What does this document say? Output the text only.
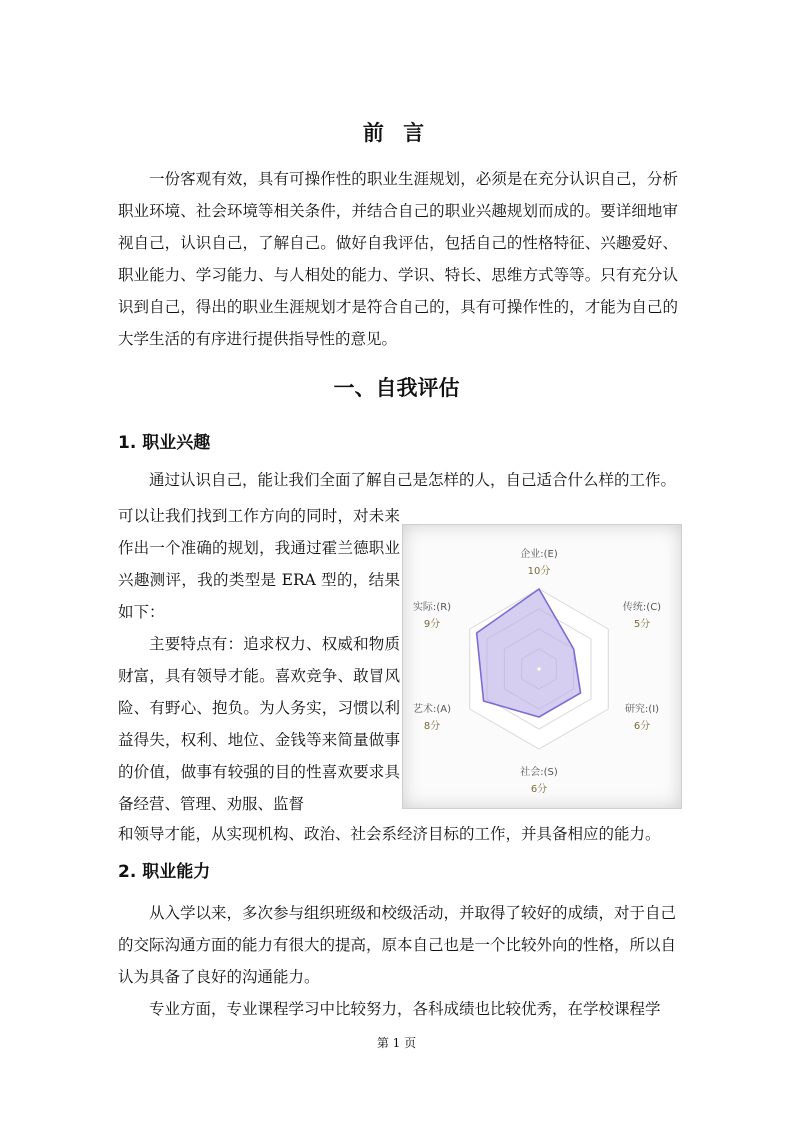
前 言
一份客观有效，具有可操作性的职业生涯规划，必须是在充分认识自己，分析职业环境、社会环境等相关条件，并结合自己的职业兴趣规划而成的。要详细地审视自己，认识自己，了解自己。做好自我评估，包括自己的性格特征、兴趣爱好、职业能力、学习能力、与人相处的能力、学识、特长、思维方式等等。只有充分认识到自己，得出的职业生涯规划才是符合自己的，具有可操作性的，才能为自己的大学生活的有序进行提供指导性的意见。
一、自我评估
1. 职业兴趣
通过认识自己，能让我们全面了解自己是怎样的人，自己适合什么样的工作。
可以让我们找到工作方向的同时，对未来作出一个准确的规划，我通过霍兰德职业兴趣测评，我的类型是 ERA 型的，结果如下：
主要特点有：追求权力、权威和物质财富，具有领导才能。喜欢竞争、敢冒风险、有野心、抱负。为人务实，习惯以利益得失，权利、地位、金钱等来简量做事的价值，做事有较强的目的性喜欢要求具备经营、管理、劝服、监督
企业:(E)
10分
传统:(C)
5分
研究:(I)
6分
社会:(S)
6分
艺术:(A)
8分
实际:(R)
9分
和领导才能，从实现机构、政治、社会系经济目标的工作，并具备相应的能力。
2. 职业能力
从入学以来，多次参与组织班级和校级活动，并取得了较好的成绩，对于自己的交际沟通方面的能力有很大的提高，原本自己也是一个比较外向的性格，所以自认为具备了良好的沟通能力。
专业方面，专业课程学习中比较努力，各科成绩也比较优秀，在学校课程学
第 1 页
